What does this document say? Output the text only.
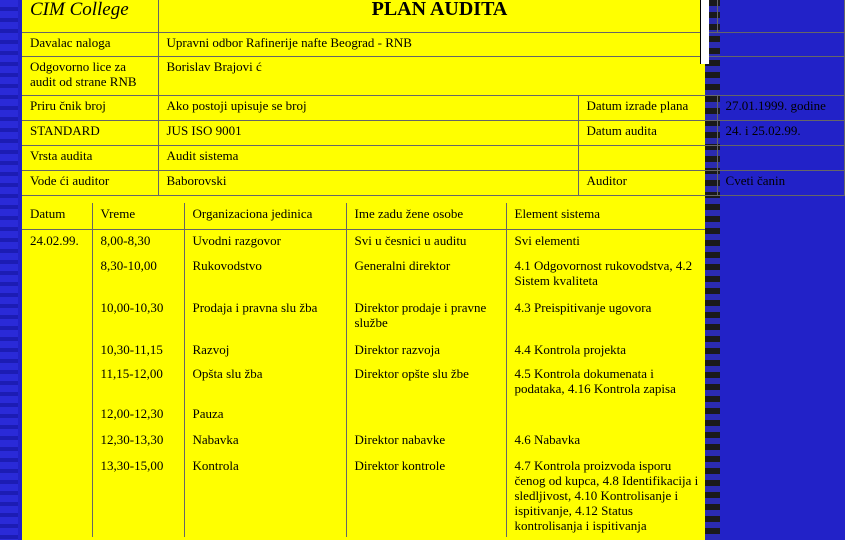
CIM College	PLAN AUDITA		
Davalac naloga	Upravni odbor Rafinerije nafte Beograd - RNB		
Odgovorno lice za audit od strane RNB	Borislav Brajovi ć		
Priru čnik broj	Ako postoji upisuje se broj	Datum izrade plana	27.01.1999. godine
STANDARD	JUS ISO 9001	Datum audita	24. i 25.02.99.
Vrsta audita	Audit sistema		
Vode ći auditor	Baborovski	Auditor	Cveti čanin
Datum	Vreme	Organizaciona jedinica	Ime zadu žene osobe	Element sistema
24.02.99.	8,00-8,30	Uvodni razgovor	Svi u česnici u auditu	Svi elementi
	8,30-10,00	Rukovodstvo	Generalni direktor	4.1 Odgovornost rukovodstva, 4.2 Sistem kvaliteta
	10,00-10,30	Prodaja i pravna slu žba	Direktor prodaje i pravne službe	4.3 Preispitivanje ugovora
	10,30-11,15	Razvoj	Direktor razvoja	4.4 Kontrola projekta
	11,15-12,00	Opšta slu žba	Direktor opšte slu žbe	4.5 Kontrola dokumenata i podataka, 4.16 Kontrola zapisa
	12,00-12,30	Pauza		
	12,30-13,30	Nabavka	Direktor nabavke	4.6 Nabavka
	13,30-15,00	Kontrola	Direktor kontrole	4.7 Kontrola proizvoda isporu čenog od kupca, 4.8 Identifikacija i sledljivost, 4.10 Kontrolisanje i ispitivanje, 4.12 Status kontrolisanja i ispitivanja
